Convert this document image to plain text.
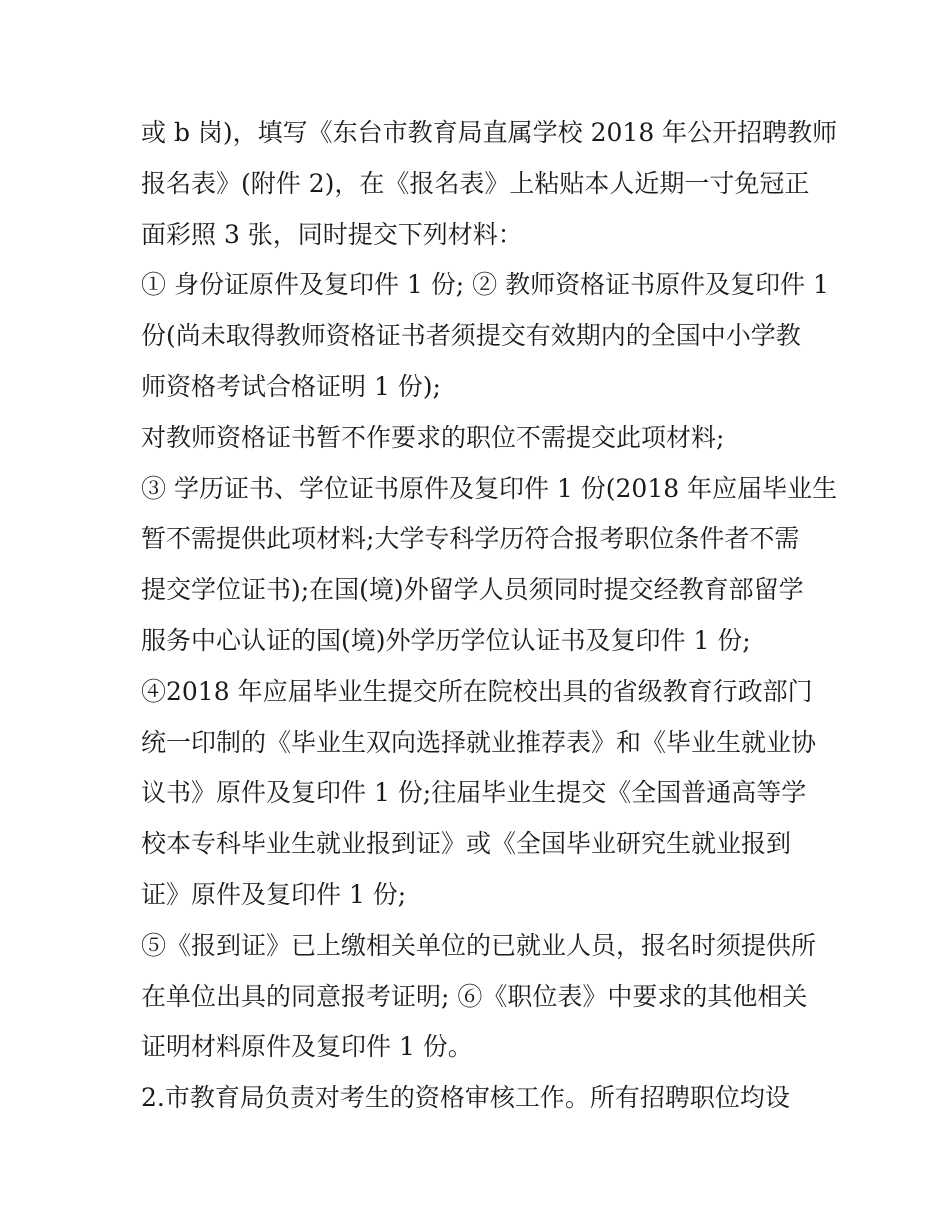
或 b 岗)，填写《东台市教育局直属学校 2018 年公开招聘教师
报名表》(附件 2)，在《报名表》上粘贴本人近期一寸免冠正
面彩照 3 张，同时提交下列材料：
① 身份证原件及复印件 1 份; ② 教师资格证书原件及复印件 1
份(尚未取得教师资格证书者须提交有效期内的全国中小学教
师资格考试合格证明 1 份);
对教师资格证书暂不作要求的职位不需提交此项材料;
③ 学历证书、学位证书原件及复印件 1 份(2018 年应届毕业生
暂不需提供此项材料;大学专科学历符合报考职位条件者不需
提交学位证书);在国(境)外留学人员须同时提交经教育部留学
服务中心认证的国(境)外学历学位认证书及复印件 1 份;
④2018 年应届毕业生提交所在院校出具的省级教育行政部门
统一印制的《毕业生双向选择就业推荐表》和《毕业生就业协
议书》原件及复印件 1 份;往届毕业生提交《全国普通高等学
校本专科毕业生就业报到证》或《全国毕业研究生就业报到
证》原件及复印件 1 份;
⑤《报到证》已上缴相关单位的已就业人员，报名时须提供所
在单位出具的同意报考证明; ⑥《职位表》中要求的其他相关
证明材料原件及复印件 1 份。
2.市教育局负责对考生的资格审核工作。所有招聘职位均设
